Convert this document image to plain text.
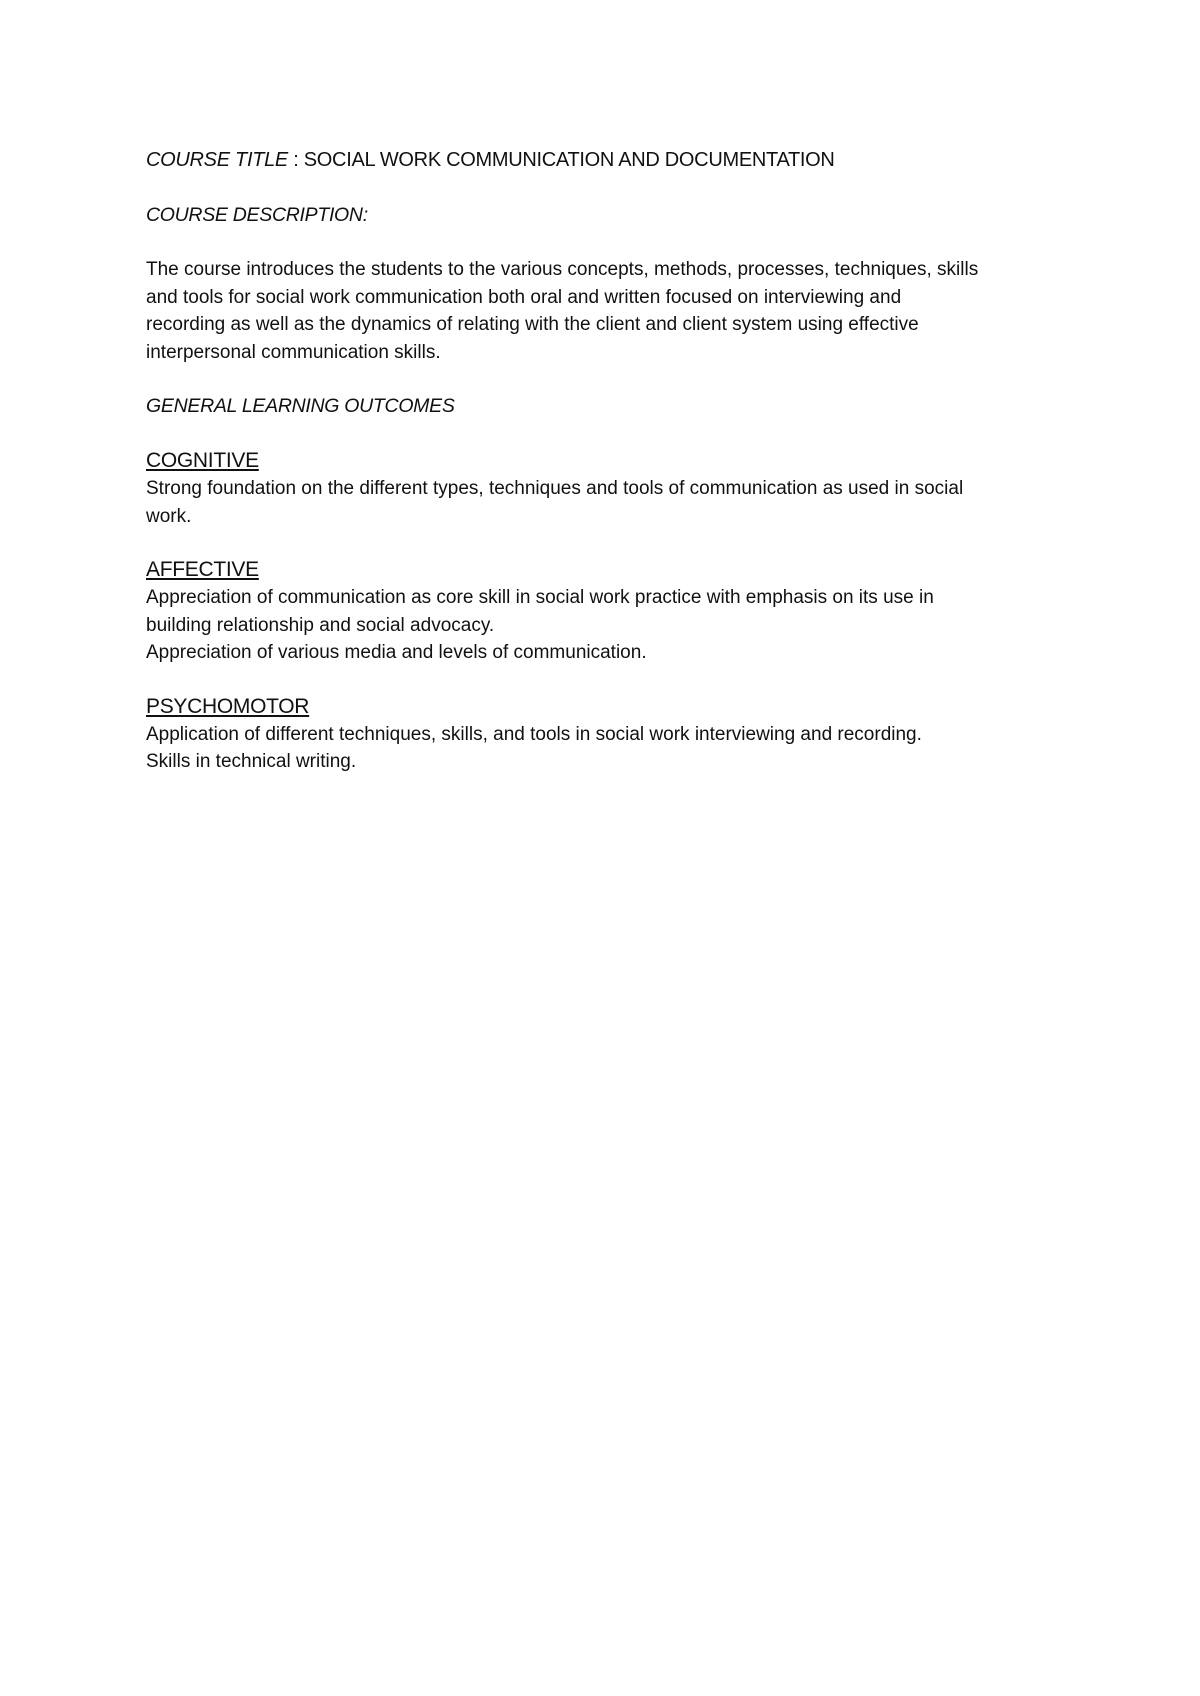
COURSE TITLE : SOCIAL WORK COMMUNICATION AND DOCUMENTATION

COURSE DESCRIPTION:

The course introduces the students to the various concepts, methods, processes, techniques, skills
and tools for social work communication both oral and written focused on interviewing and
recording as well as the dynamics of relating with the client and client system using effective
interpersonal communication skills.

GENERAL LEARNING OUTCOMES

COGNITIVE

Strong foundation on the different types, techniques and tools of communication as used in social
work.

AFFECTIVE

Appreciation of communication as core skill in social work practice with emphasis on its use in
building relationship and social advocacy.
Appreciation of various media and levels of communication.

PSYCHOMOTOR

Application of different techniques, skills, and tools in social work interviewing and recording.
Skills in technical writing.
